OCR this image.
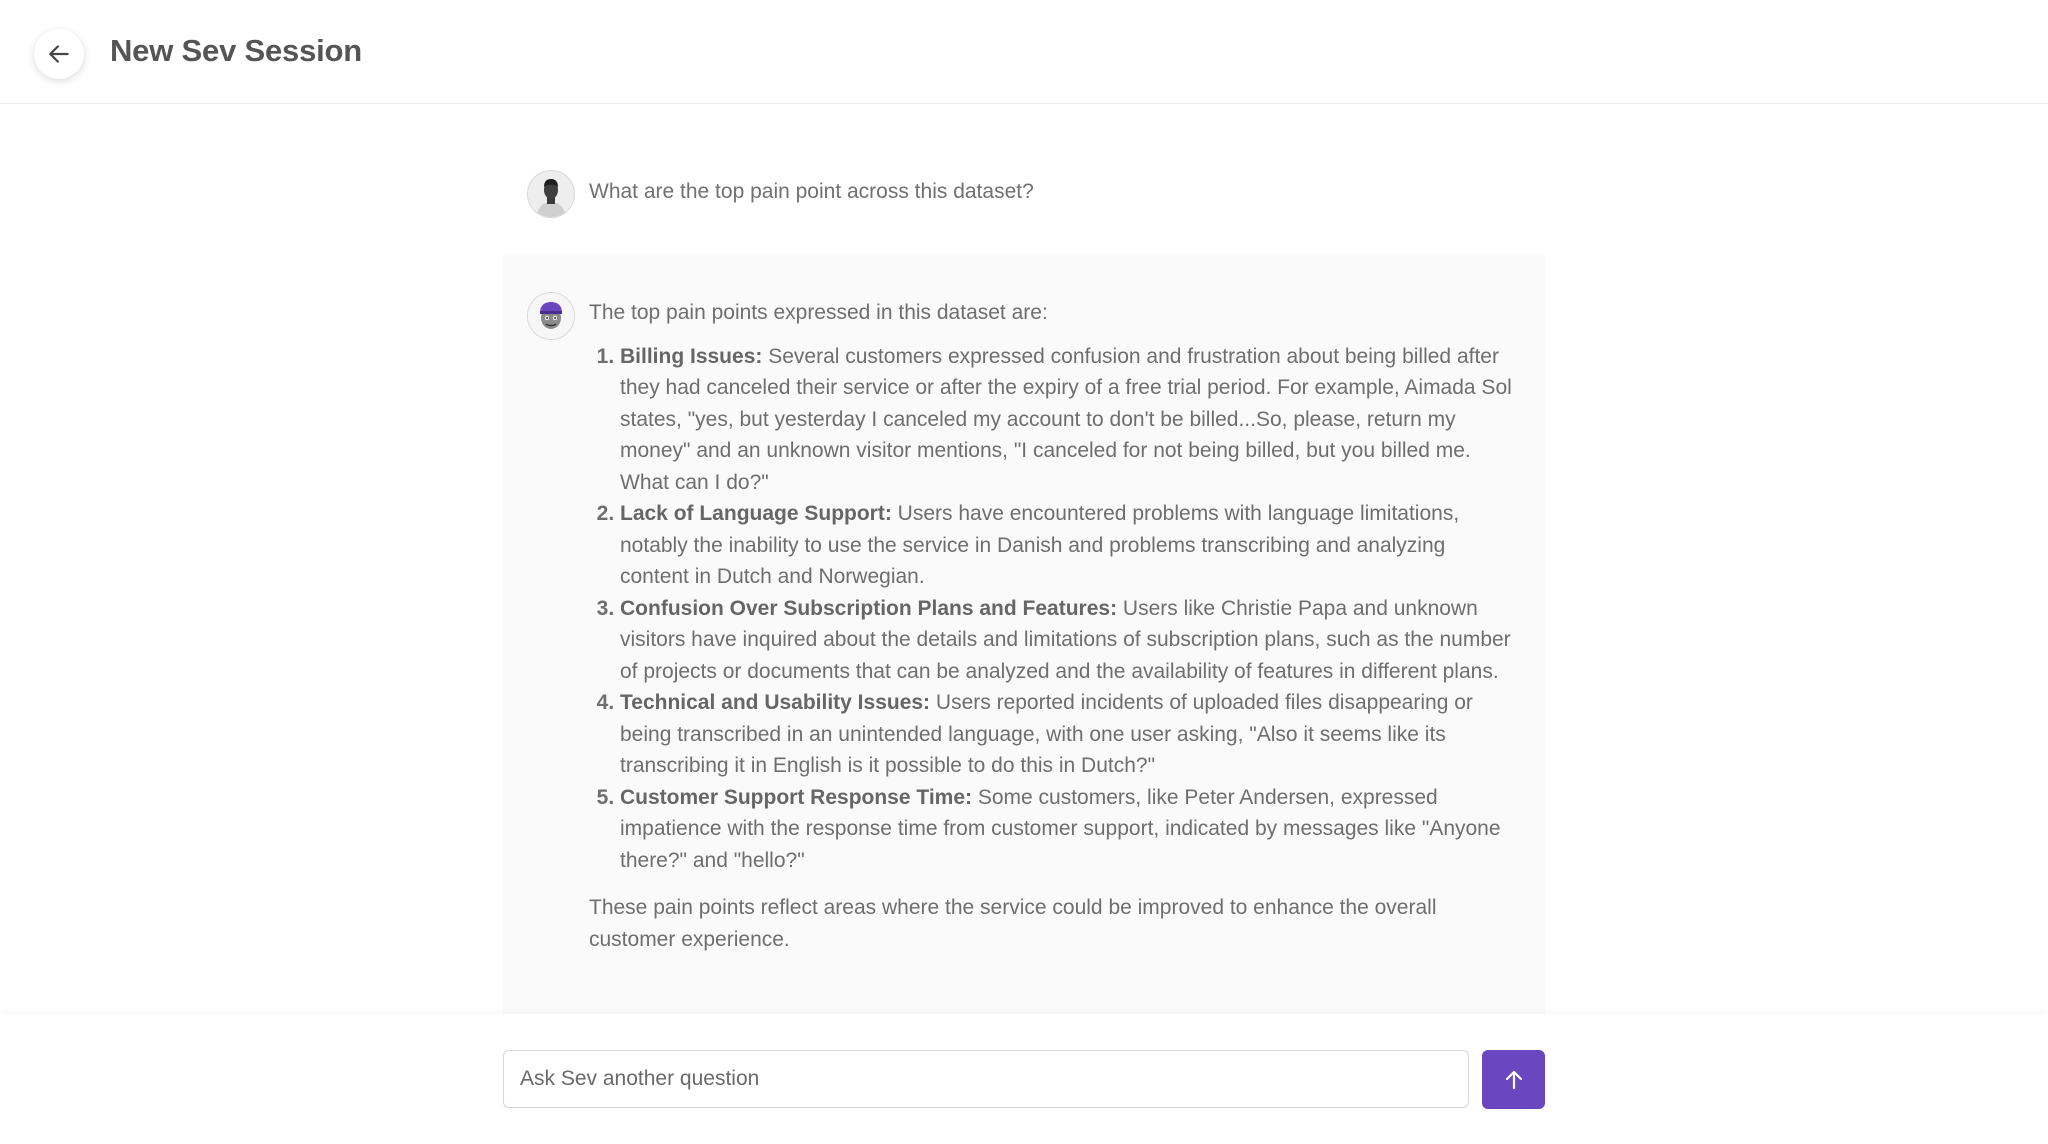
New Sev Session
What are the top pain point across this dataset?

The top pain points expressed in this dataset are:

1. Billing Issues: Several customers expressed confusion and frustration about being billed after they had canceled their service or after the expiry of a free trial period. For example, Aimada Sol states, "yes, but yesterday I canceled my account to don't be billed...So, please, return my money" and an unknown visitor mentions, "I canceled for not being billed, but you billed me. What can I do?"
2. Lack of Language Support: Users have encountered problems with language limitations, notably the inability to use the service in Danish and problems transcribing and analyzing content in Dutch and Norwegian.
3. Confusion Over Subscription Plans and Features: Users like Christie Papa and unknown visitors have inquired about the details and limitations of subscription plans, such as the number of projects or documents that can be analyzed and the availability of features in different plans.
4. Technical and Usability Issues: Users reported incidents of uploaded files disappearing or being transcribed in an unintended language, with one user asking, "Also it seems like its transcribing it in English is it possible to do this in Dutch?"
5. Customer Support Response Time: Some customers, like Peter Andersen, expressed impatience with the response time from customer support, indicated by messages like "Anyone there?" and "hello?"

These pain points reflect areas where the service could be improved to enhance the overall customer experience.

Ask Sev another question
